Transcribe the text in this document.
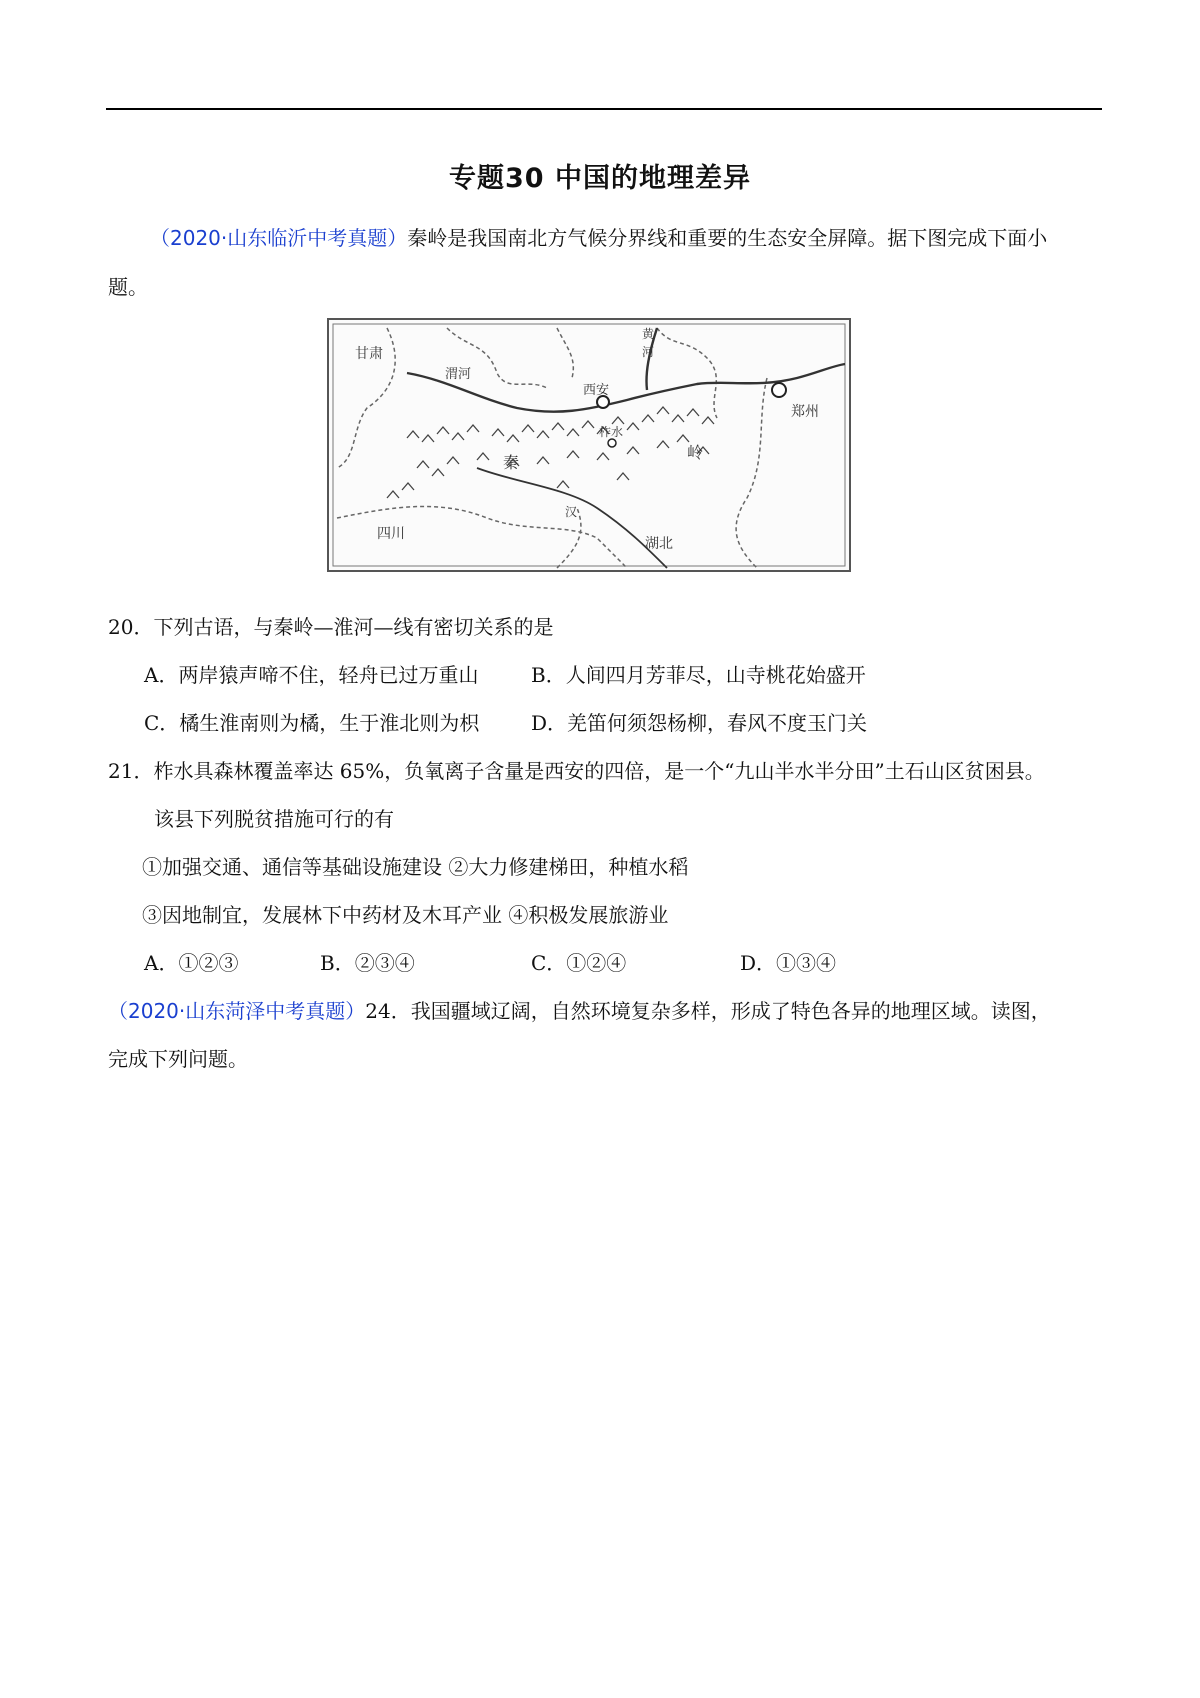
专题30 中国的地理差异
（2020·山东临沂中考真题）秦岭是我国南北方气候分界线和重要的生态安全屏障。据下图完成下面小
题。
甘肃
渭河
西安
郑州
四川
湖北
秦
岭
汉
柞水
黄
河
20．下列古语，与秦岭—淮河—线有密切关系的是
A．两岸猿声啼不住，轻舟已过万重山	B．人间四月芳菲尽，山寺桃花始盛开
C．橘生淮南则为橘，生于淮北则为枳	D．羌笛何须怨杨柳，春风不度玉门关
21．柞水具森林覆盖率达 65%，负氧离子含量是西安的四倍，是一个“九山半水半分田”土石山区贫困县。
该县下列脱贫措施可行的有
①加强交通、通信等基础设施建设 ②大力修建梯田，种植水稻
③因地制宜，发展林下中药材及木耳产业 ④积极发展旅游业
A．①②③	B．②③④	C．①②④	D．①③④
（2020·山东菏泽中考真题）24．我国疆域辽阔，自然环境复杂多样，形成了特色各异的地理区域。读图，
完成下列问题。
